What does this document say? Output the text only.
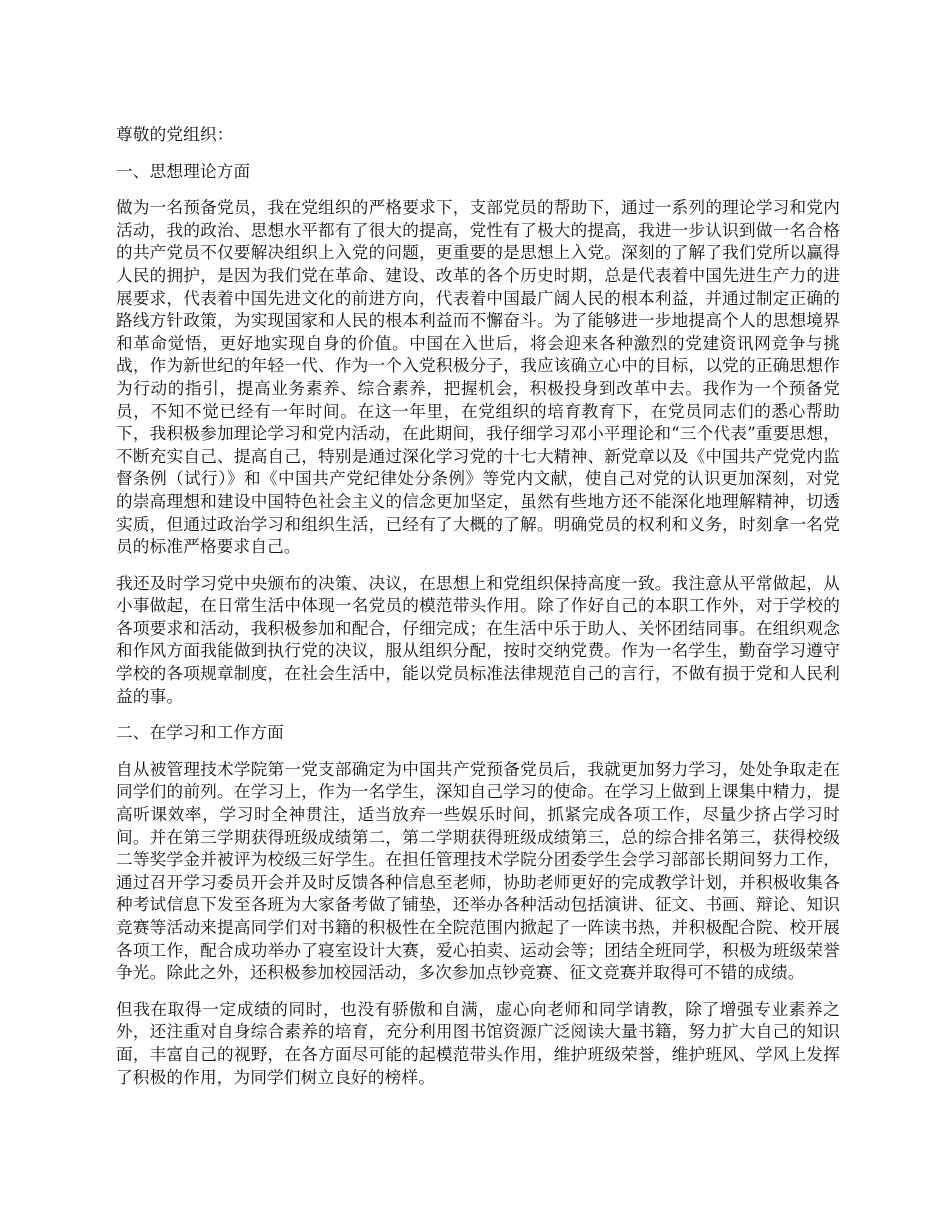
尊敬的党组织：
一、思想理论方面
做为一名预备党员，我在党组织的严格要求下，支部党员的帮助下，通过一系列的理论学习和党内活动，我的政治、思想水平都有了很大的提高，党性有了极大的提高，我进一步认识到做一名合格的共产党员不仅要解决组织上入党的问题，更重要的是思想上入党。深刻的了解了我们党所以赢得人民的拥护，是因为我们党在革命、建设、改革的各个历史时期，总是代表着中国先进生产力的进展要求，代表着中国先进文化的前进方向，代表着中国最广阔人民的根本利益，并通过制定正确的路线方针政策，为实现国家和人民的根本利益而不懈奋斗。为了能够进一步地提高个人的思想境界和革命觉悟，更好地实现自身的价值。中国在入世后，将会迎来各种激烈的党建资讯网竞争与挑战，作为新世纪的年轻一代、作为一个入党积极分子，我应该确立心中的目标，以党的正确思想作为行动的指引，提高业务素养、综合素养，把握机会，积极投身到改革中去。我作为一个预备党员，不知不觉已经有一年时间。在这一年里，在党组织的培育教育下，在党员同志们的悉心帮助下，我积极参加理论学习和党内活动，在此期间，我仔细学习邓小平理论和“三个代表”重要思想，不断充实自己、提高自己，特别是通过深化学习党的十七大精神、新党章以及《中国共产党党内监督条例（试行）》和《中国共产党纪律处分条例》等党内文献，使自己对党的认识更加深刻，对党的崇高理想和建设中国特色社会主义的信念更加坚定，虽然有些地方还不能深化地理解精神，切透实质，但通过政治学习和组织生活，已经有了大概的了解。明确党员的权利和义务，时刻拿一名党员的标准严格要求自己。
我还及时学习党中央颁布的决策、决议，在思想上和党组织保持高度一致。我注意从平常做起，从小事做起，在日常生活中体现一名党员的模范带头作用。除了作好自己的本职工作外，对于学校的各项要求和活动，我积极参加和配合，仔细完成；在生活中乐于助人、关怀团结同事。在组织观念和作风方面我能做到执行党的决议，服从组织分配，按时交纳党费。作为一名学生，勤奋学习遵守学校的各项规章制度，在社会生活中，能以党员标准法律规范自己的言行，不做有损于党和人民利益的事。
二、在学习和工作方面
自从被管理技术学院第一党支部确定为中国共产党预备党员后，我就更加努力学习，处处争取走在同学们的前列。在学习上，作为一名学生，深知自己学习的使命。在学习上做到上课集中精力，提高听课效率，学习时全神贯注，适当放弃一些娱乐时间，抓紧完成各项工作，尽量少挤占学习时间。并在第三学期获得班级成绩第二，第二学期获得班级成绩第三，总的综合排名第三，获得校级二等奖学金并被评为校级三好学生。在担任管理技术学院分团委学生会学习部部长期间努力工作，通过召开学习委员开会并及时反馈各种信息至老师，协助老师更好的完成教学计划，并积极收集各种考试信息下发至各班为大家备考做了铺垫，还举办各种活动包括演讲、征文、书画、辩论、知识竞赛等活动来提高同学们对书籍的积极性在全院范围内掀起了一阵读书热，并积极配合院、校开展各项工作，配合成功举办了寝室设计大赛，爱心拍卖、运动会等；团结全班同学，积极为班级荣誉争光。除此之外，还积极参加校园活动，多次参加点钞竞赛、征文竞赛并取得可不错的成绩。
但我在取得一定成绩的同时，也没有骄傲和自满，虚心向老师和同学请教，除了增强专业素养之外，还注重对自身综合素养的培育，充分利用图书馆资源广泛阅读大量书籍，努力扩大自己的知识面，丰富自己的视野，在各方面尽可能的起模范带头作用，维护班级荣誉，维护班风、学风上发挥了积极的作用，为同学们树立良好的榜样。
